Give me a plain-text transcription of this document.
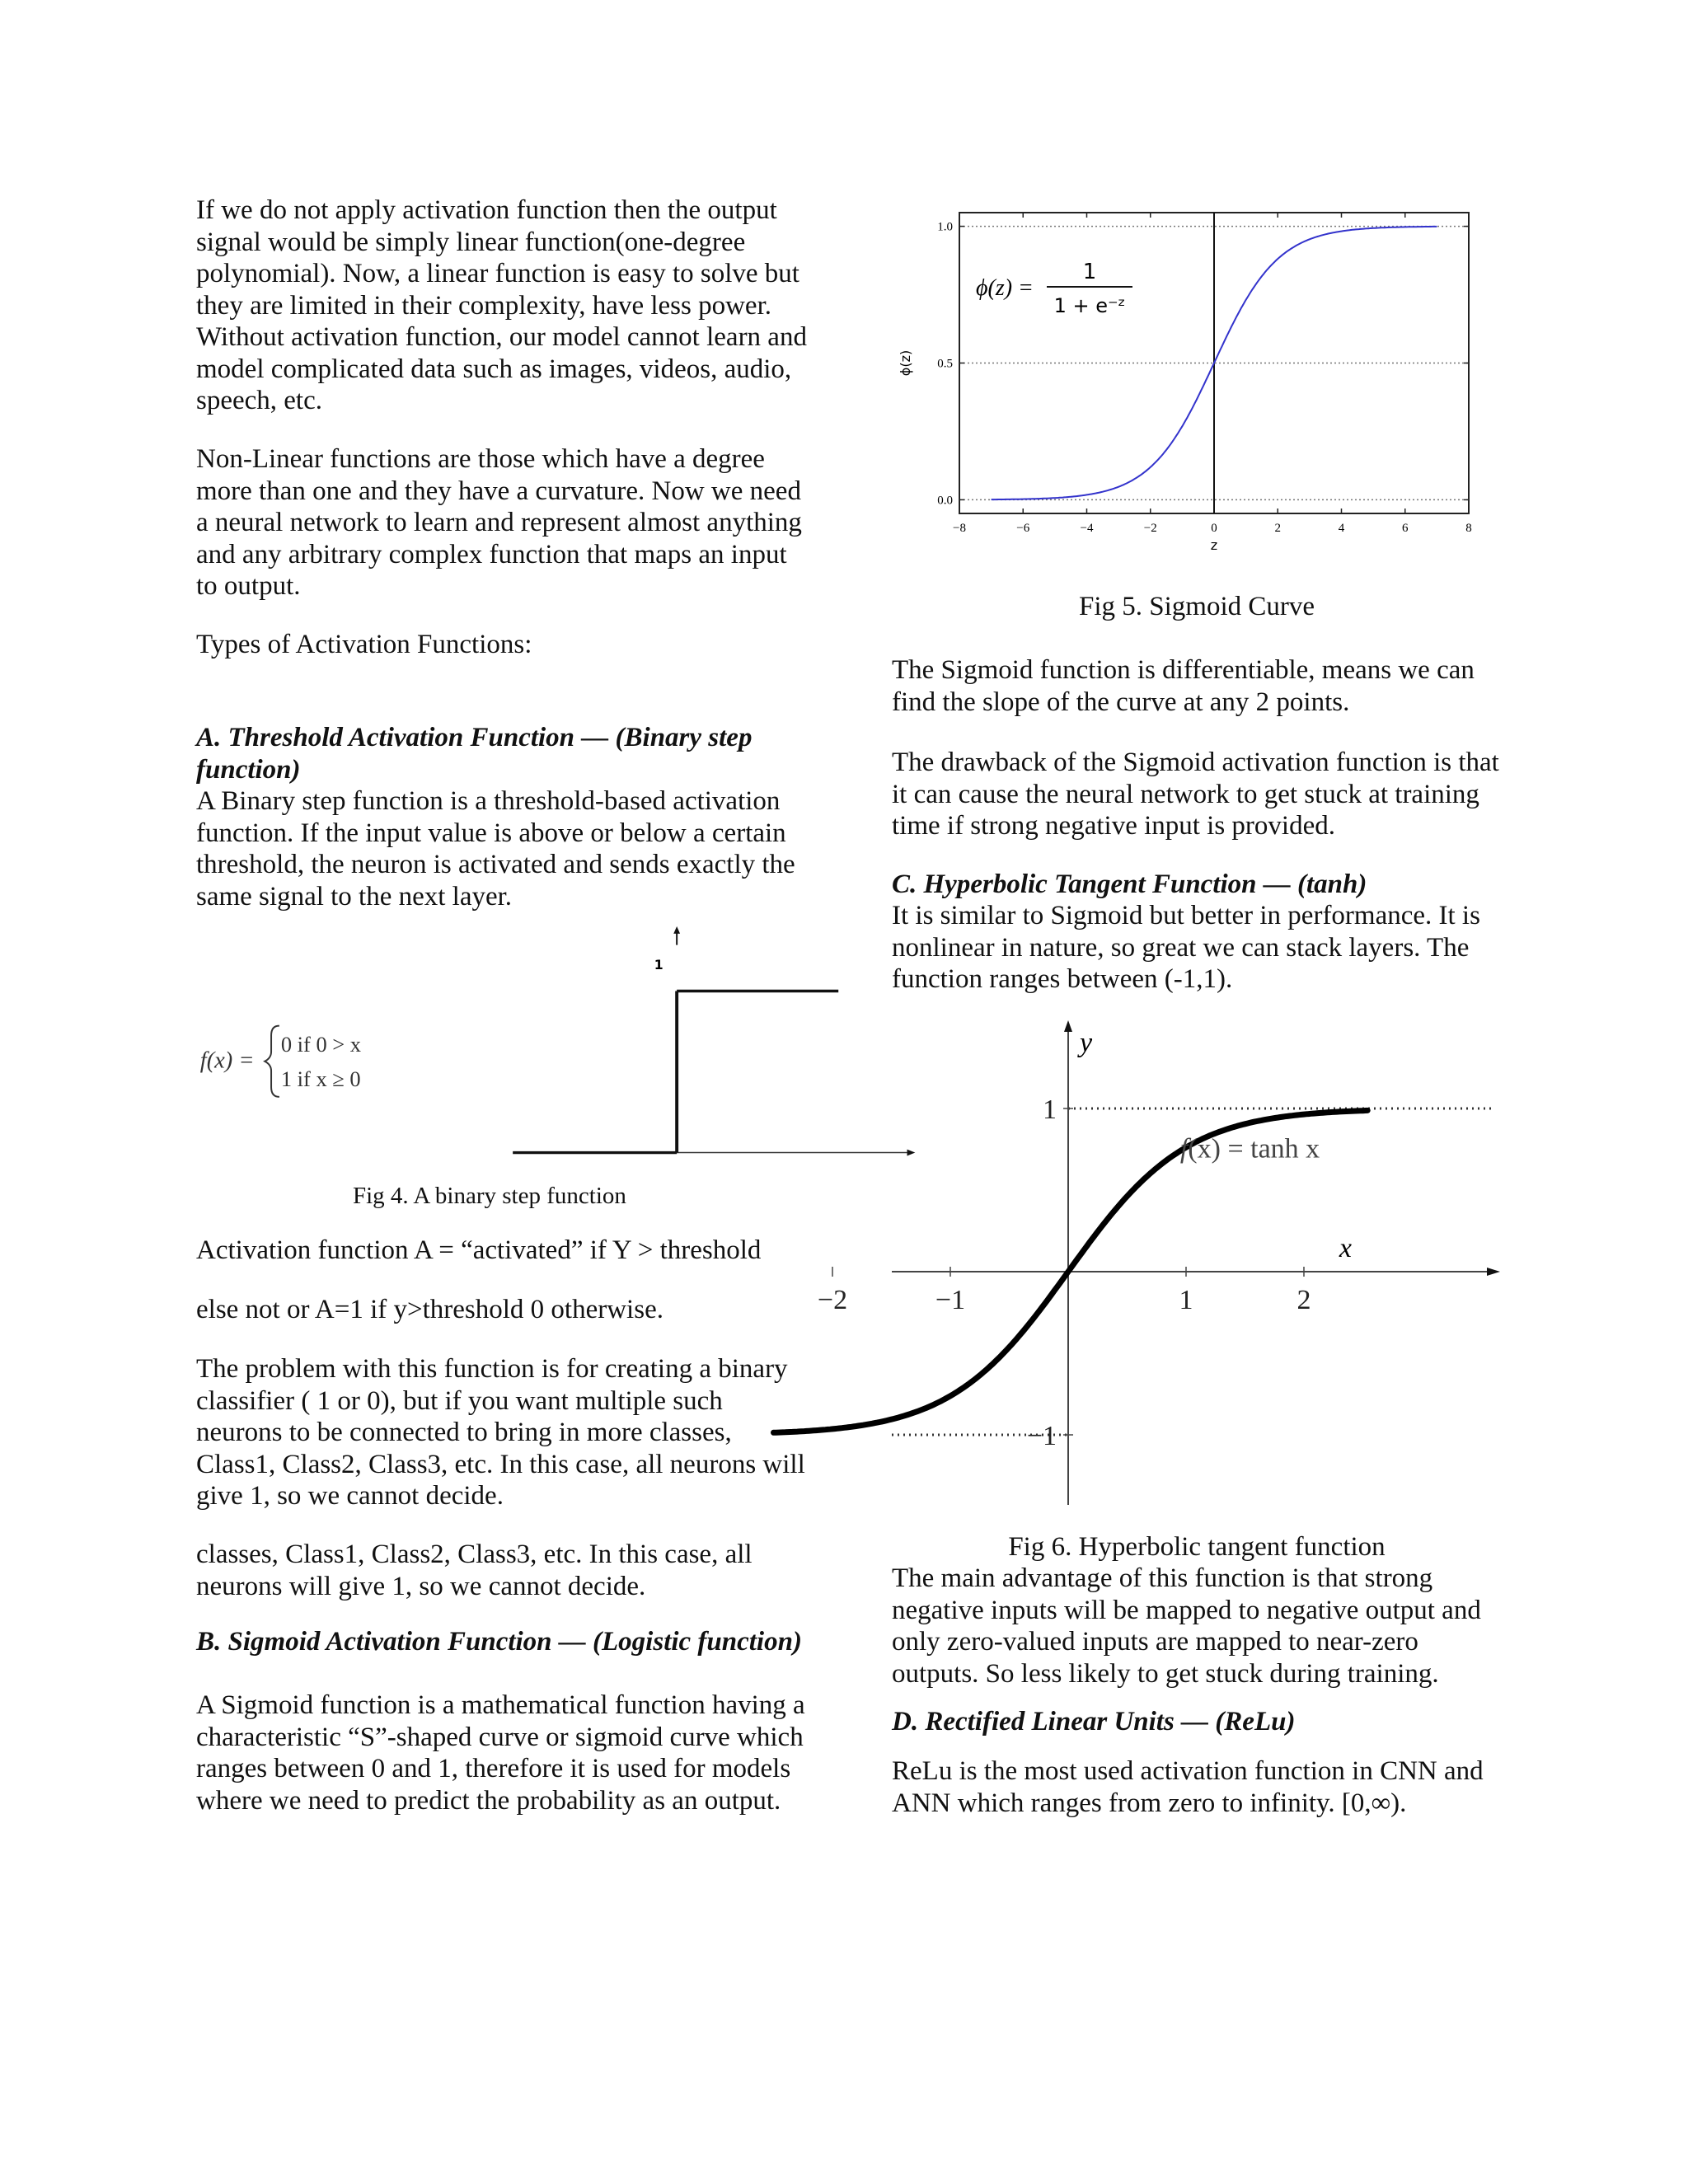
If we do not apply activation function then the output signal would be simply linear function(one-degree polynomial). Now, a linear function is easy to solve but they are limited in their complexity, have less power. Without activation function, our model cannot learn and model complicated data such as images, videos, audio, speech, etc.

Non-Linear functions are those which have a degree more than one and they have a curvature. Now we need a neural network to learn and represent almost anything and any arbitrary complex function that maps an input to output.

Types of Activation Functions:

A. Threshold Activation Function — (Binary step function)

A Binary step function is a threshold-based activation function. If the input value is above or below a certain threshold, the neuron is activated and sends exactly the same signal to the next layer.

f(x) =
0 if 0 > x
1 if x ≥ 0
1

Fig 4. A binary step function

Activation function A = “activated” if Y > threshold

else not or A=1 if y>threshold 0 otherwise.

The problem with this function is for creating a binary classifier ( 1 or 0), but if you want multiple such neurons to be connected to bring in more classes, Class1, Class2, Class3, etc. In this case, all neurons will give 1, so we cannot decide.

classes, Class1, Class2, Class3, etc. In this case, all neurons will give 1, so we cannot decide.

B. Sigmoid Activation Function — (Logistic function)

A Sigmoid function is a mathematical function having a characteristic “S”-shaped curve or sigmoid curve which ranges between 0 and 1, therefore it is used for models where we need to predict the probability as an output.

−8	−6	−4	−2	0	2	4	6	8
0.0
0.5
1.0
ϕ(z) =
1
1 + e⁻ᶻ
z
ϕ(z)

Fig 5. Sigmoid Curve

The Sigmoid function is differentiable, means we can find the slope of the curve at any 2 points.

The drawback of the Sigmoid activation function is that it can cause the neural network to get stuck at training time if strong negative input is provided.

C. Hyperbolic Tangent Function — (tanh)

It is similar to Sigmoid but better in performance. It is nonlinear in nature, so great we can stack layers. The function ranges between (-1,1).

−2	−1	1	2
1
−1
x
y
f(x) = tanh x

Fig 6. Hyperbolic tangent function

The main advantage of this function is that strong negative inputs will be mapped to negative output and only zero-valued inputs are mapped to near-zero outputs. So less likely to get stuck during training.

D. Rectified Linear Units — (ReLu)

ReLu is the most used activation function in CNN and ANN which ranges from zero to infinity. [0,∞).
